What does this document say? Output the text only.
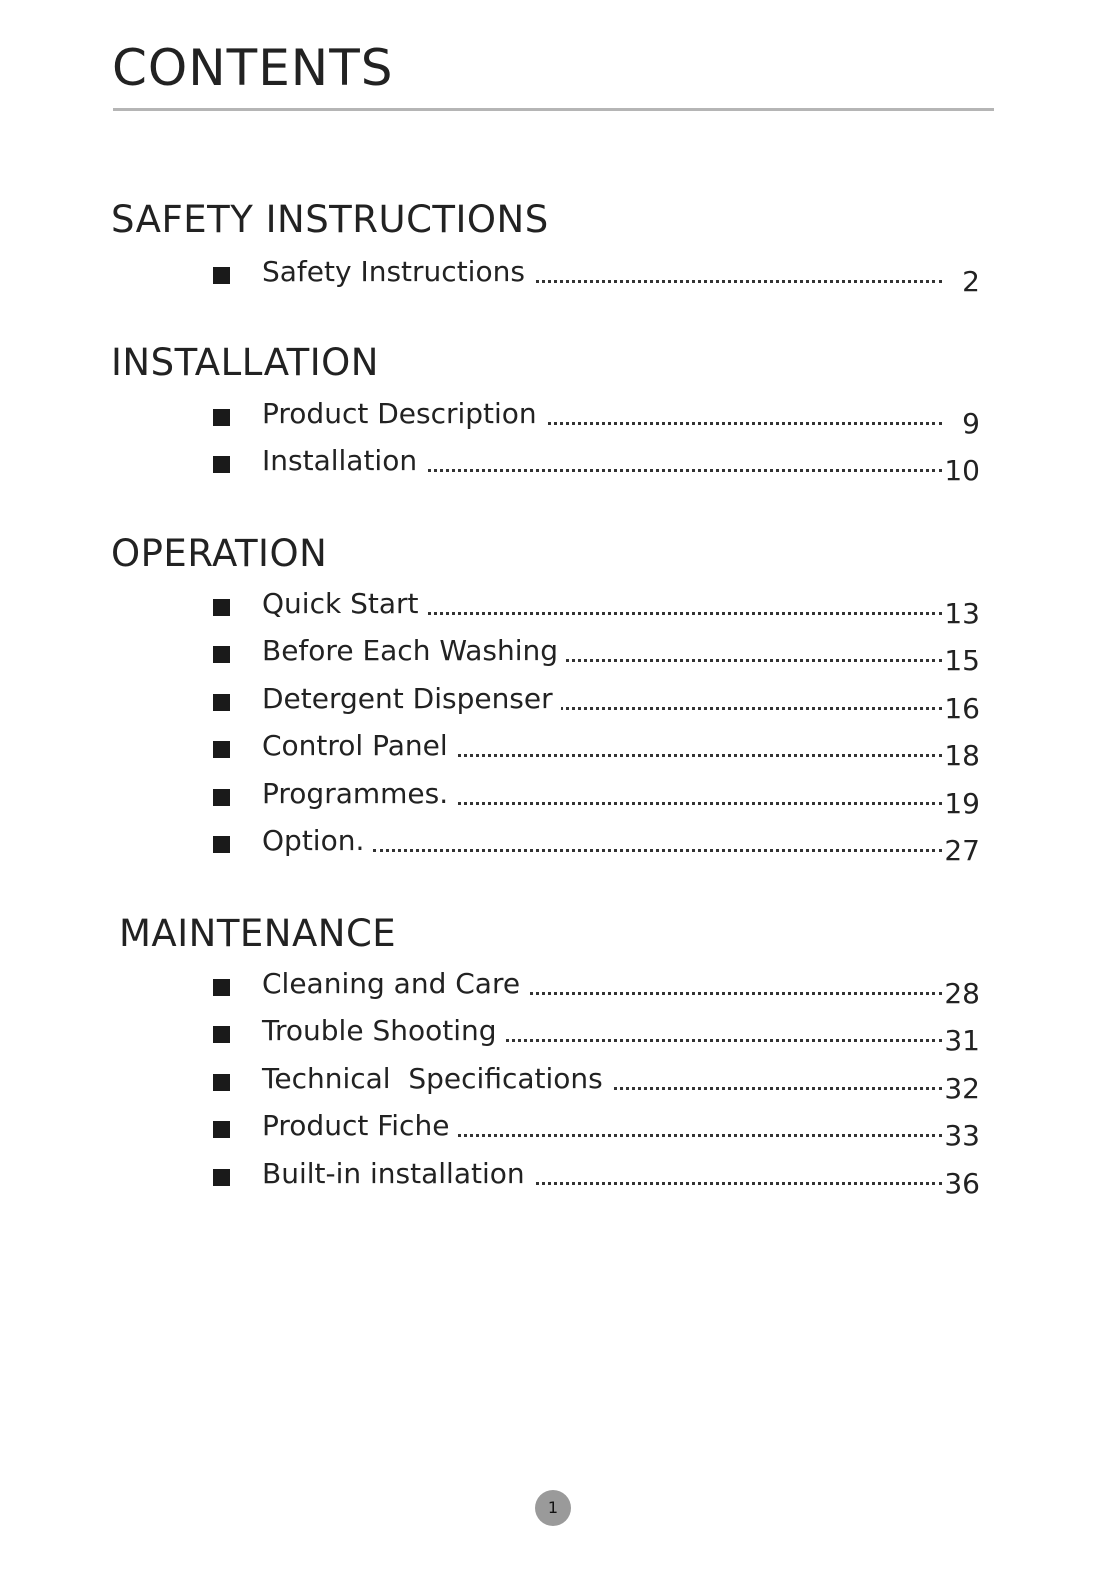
CONTENTS
SAFETY INSTRUCTIONS
Safety Instructions	2
INSTALLATION
Product Description	9
Installation	10
OPERATION
Quick Start	13
Before Each Washing	15
Detergent Dispenser	16
Control Panel	18
Programmes.	19
Option.	27
MAINTENANCE
Cleaning and Care	28
Trouble Shooting	31
Technical  Specifications	32
Product Fiche	33
Built-in installation	36
1
